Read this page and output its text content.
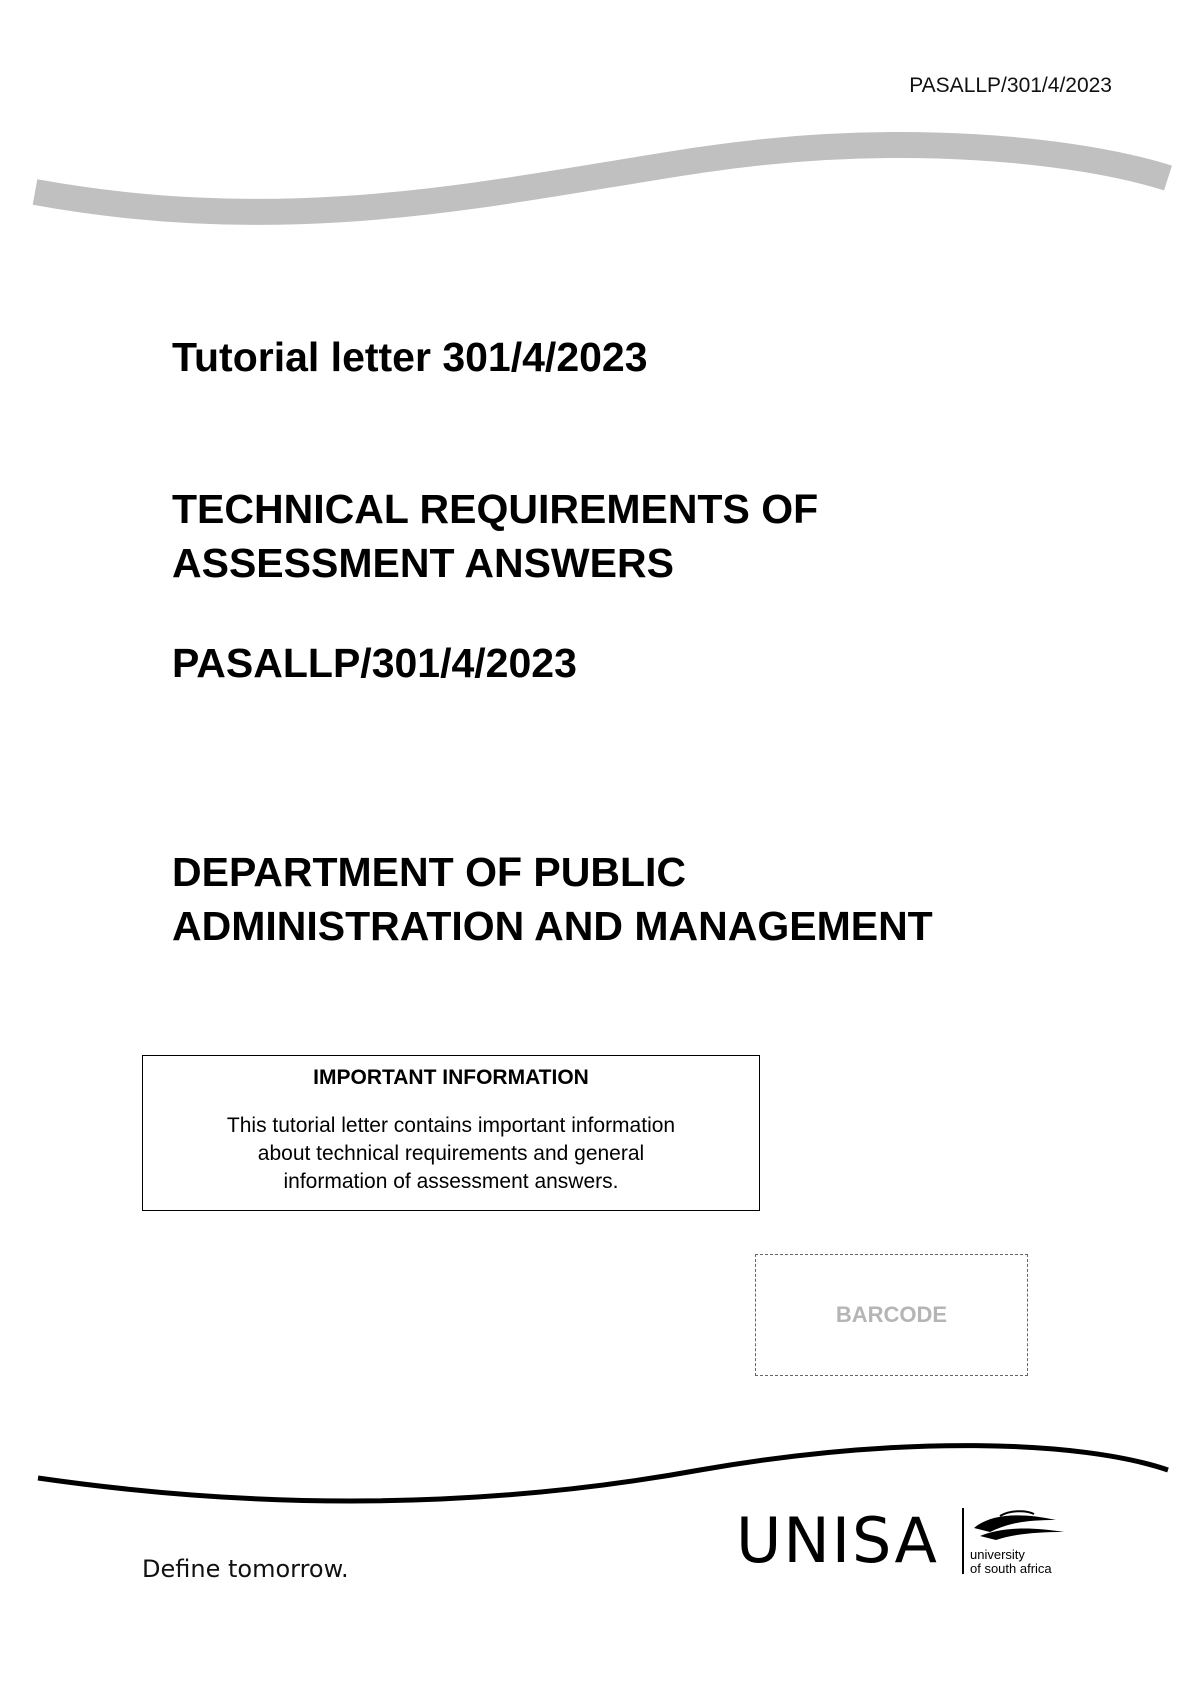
PASALLP/301/4/2023
Tutorial letter 301/4/2023
TECHNICAL REQUIREMENTS OF
ASSESSMENT ANSWERS
PASALLP/301/4/2023
DEPARTMENT OF PUBLIC
ADMINISTRATION AND MANAGEMENT
IMPORTANT INFORMATION
This tutorial letter contains important information
about technical requirements and general
information of assessment answers.
BARCODE
Define tomorrow.	UNISA university
of south africa
